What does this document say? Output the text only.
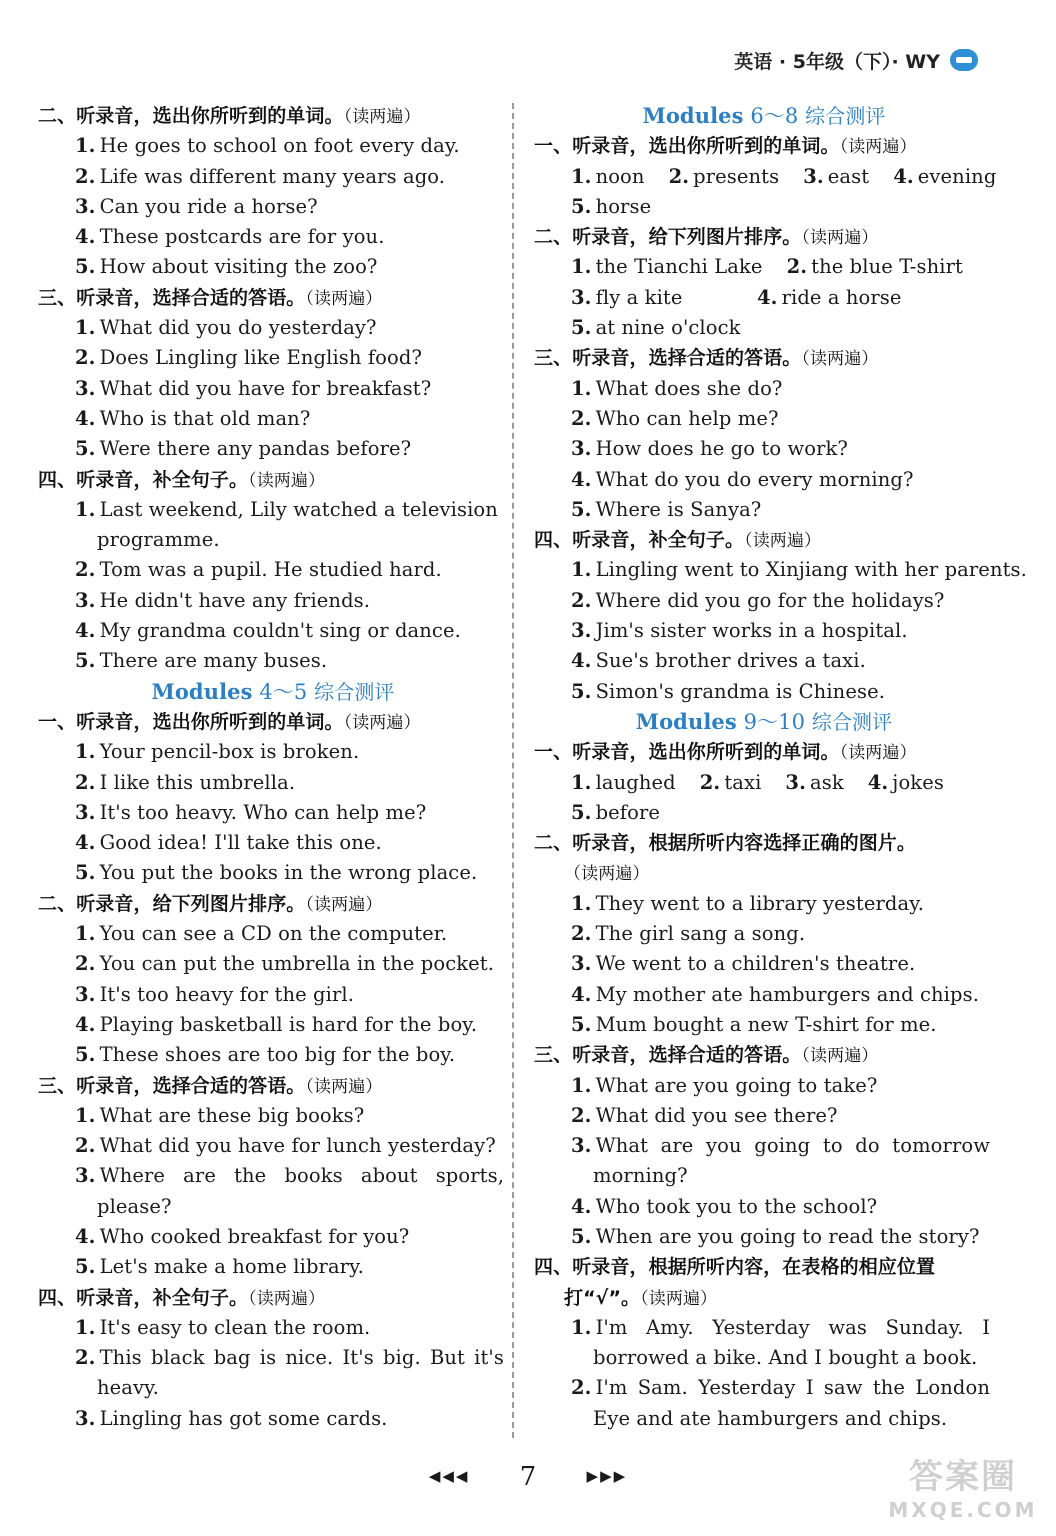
英语 · 5年级（下）· WY
二、听录音，选出你所听到的单词。（读两遍）
1. He goes to school on foot every day.
2. Life was different many years ago.
3. Can you ride a horse?
4. These postcards are for you.
5. How about visiting the zoo?
三、听录音，选择合适的答语。（读两遍）
1. What did you do yesterday?
2. Does Lingling like English food?
3. What did you have for breakfast?
4. Who is that old man?
5. Were there any pandas before?
四、听录音，补全句子。（读两遍）
1. Last weekend, Lily watched a television
programme.
2. Tom was a pupil. He studied hard.
3. He didn't have any friends.
4. My grandma couldn't sing or dance.
5. There are many buses.
Modules 4～5 综合测评
一、听录音，选出你所听到的单词。（读两遍）
1. Your pencil-box is broken.
2. I like this umbrella.
3. It's too heavy. Who can help me?
4. Good idea! I'll take this one.
5. You put the books in the wrong place.
二、听录音，给下列图片排序。（读两遍）
1. You can see a CD on the computer.
2. You can put the umbrella in the pocket.
3. It's too heavy for the girl.
4. Playing basketball is hard for the boy.
5. These shoes are too big for the boy.
三、听录音，选择合适的答语。（读两遍）
1. What are these big books?
2. What did you have for lunch yesterday?
3. Where are the books about sports,
please?
4. Who cooked breakfast for you?
5. Let's make a home library.
四、听录音，补全句子。（读两遍）
1. It's easy to clean the room.
2. This black bag is nice. It's big. But it's
heavy.
3. Lingling has got some cards.
Modules 6～8 综合测评
一、听录音，选出你所听到的单词。（读两遍）
1. noon 2. presents 3. east 4. evening
5. horse
二、听录音，给下列图片排序。（读两遍）
1. the Tianchi Lake 2. the blue T-shirt
3. fly a kite	4. ride a horse
5. at nine o'clock
三、听录音，选择合适的答语。（读两遍）
1. What does she do?
2. Who can help me?
3. How does he go to work?
4. What do you do every morning?
5. Where is Sanya?
四、听录音，补全句子。（读两遍）
1. Lingling went to Xinjiang with her parents.
2. Where did you go for the holidays?
3. Jim's sister works in a hospital.
4. Sue's brother drives a taxi.
5. Simon's grandma is Chinese.
Modules 9～10 综合测评
一、听录音，选出你所听到的单词。（读两遍）
1. laughed 2. taxi 3. ask 4. jokes
5. before
二、听录音，根据所听内容选择正确的图片。
（读两遍）
1. They went to a library yesterday.
2. The girl sang a song.
3. We went to a children's theatre.
4. My mother ate hamburgers and chips.
5. Mum bought a new T-shirt for me.
三、听录音，选择合适的答语。（读两遍）
1. What are you going to take?
2. What did you see there?
3. What are you going to do tomorrow
morning?
4. Who took you to the school?
5. When are you going to read the story?
四、听录音，根据所听内容，在表格的相应位置
打“√”。（读两遍）
1. I'm Amy. Yesterday was Sunday. I
borrowed a bike. And I bought a book.
2. I'm Sam. Yesterday I saw the London
Eye and ate hamburgers and chips.
◀◀◀ 7	▶▶▶	答案圈
MXQE.COM
